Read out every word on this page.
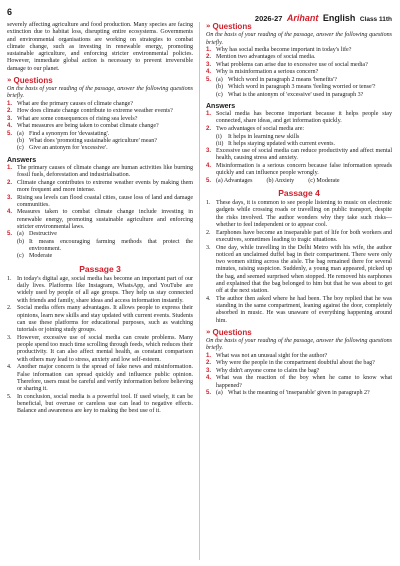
6
2026-27 Arihant English Class 11th

severely affecting agriculture and food production. Many species are facing extinction due to habitat loss, disrupting entire ecosystems. Governments and environmental organisations are working on strategies to combat climate change, such as investing in renewable energy, promoting sustainable agriculture, and enforcing stricter environmental policies. However, immediate global action is necessary to prevent irreversible damage to our planet.

» Questions
On the basis of your reading of the passage, answer the following questions briefly.
1. What are the primary causes of climate change?
2. How does climate change contribute to extreme weather events?
3. What are some consequences of rising sea levels?
4. What measures are being taken to combat climate change?
5. (a) Find a synonym for 'devastating'.
(b) What does 'promoting sustainable agriculture' mean?
(c) Give an antonym for 'excessive'.
Answers
1. The primary causes of climate change are human activities like burning fossil fuels, deforestation and industrialisation.
2. Climate change contributes to extreme weather events by making them more frequent and more intense.
3. Rising sea levels can flood coastal cities, cause loss of land and damage communities.
4. Measures taken to combat climate change include investing in renewable energy, promoting sustainable agriculture and enforcing stricter environmental laws.
5. (a) Destructive
(b) It means encouraging farming methods that protect the environment.
(c) Moderate
Passage 3
1. In today's digital age, social media has become an important part of our daily lives. Platforms like Instagram, WhatsApp, and YouTube are widely used by people of all age groups. They help us stay connected with friends and family, share ideas and access information instantly.
2. Social media offers many advantages. It allows people to express their opinions, learn new skills and stay updated with current events. Students can use these platforms for educational purposes, such as watching tutorials or joining study groups.
3. However, excessive use of social media can create problems. Many people spend too much time scrolling through feeds, which reduces their productivity. It can also affect mental health, as constant comparison with others may lead to stress, anxiety and low self-esteem.
4. Another major concern is the spread of fake news and misinformation. False information can spread quickly and influence public opinion. Therefore, users must be careful and verify information before believing or sharing it.
5. In conclusion, social media is a powerful tool. If used wisely, it can be beneficial, but overuse or careless use can lead to negative effects. Balance and awareness are key to making the best use of it.
» Questions
On the basis of your reading of the passage, answer the following questions briefly.
1. Why has social media become important in today's life?
2. Mention two advantages of social media.
3. What problems can arise due to excessive use of social media?
4. Why is misinformation a serious concern?
5. (a) Which word in paragraph 2 means 'benefits'?
(b) Which word in paragraph 3 means 'feeling worried or tense'?
(c) What is the antonym of 'excessive' used in paragraph 3?
Answers
1. Social media has become important because it helps people stay connected, share ideas, and get information quickly.
2. Two advantages of social media are:
(i)	It helps in learning new skills
(ii) It helps staying updated with current events.
3. Excessive use of social media can reduce productivity and affect mental health, causing stress and anxiety.
4. Misinformation is a serious concern because false information spreads quickly and can influence people wrongly.
5. (a) Advantages (b) Anxiety (c) Moderate
Passage 4
1. These days, it is common to see people listening to music on electronic gadgets while crossing roads or travelling on public transport, despite the risks involved. The author wonders why they take such risks—whether to feel independent or to appear cool.
2. Earphones have become an inseparable part of life for both workers and executives, sometimes leading to tragic situations.
3. One day, while travelling in the Delhi Metro with his wife, the author noticed an unclaimed duffel bag in their compartment. There were only two women sitting across the aisle. The bag remained there for several minutes, raising suspicion. Suddenly, a young man appeared, picked up the bag, and seemed surprised when stopped. He removed his earphones and explained that the bag belonged to him but that he was about to get off at the next station.
4. The author then asked where he had been. The boy replied that he was standing in the same compartment, leaning against the door, completely absorbed in music. He was unaware of everything happening around him.
» Questions
On the basis of your reading of the passage, answer the following questions briefly.
1. What was not an unusual sight for the author?
2. Why were the people in the compartment doubtful about the bag?
3. Why didn't anyone come to claim the bag?
4. What was the reaction of the boy when he came to know what happened?
5. (a) What is the meaning of 'inseparable' given in paragraph 2?
